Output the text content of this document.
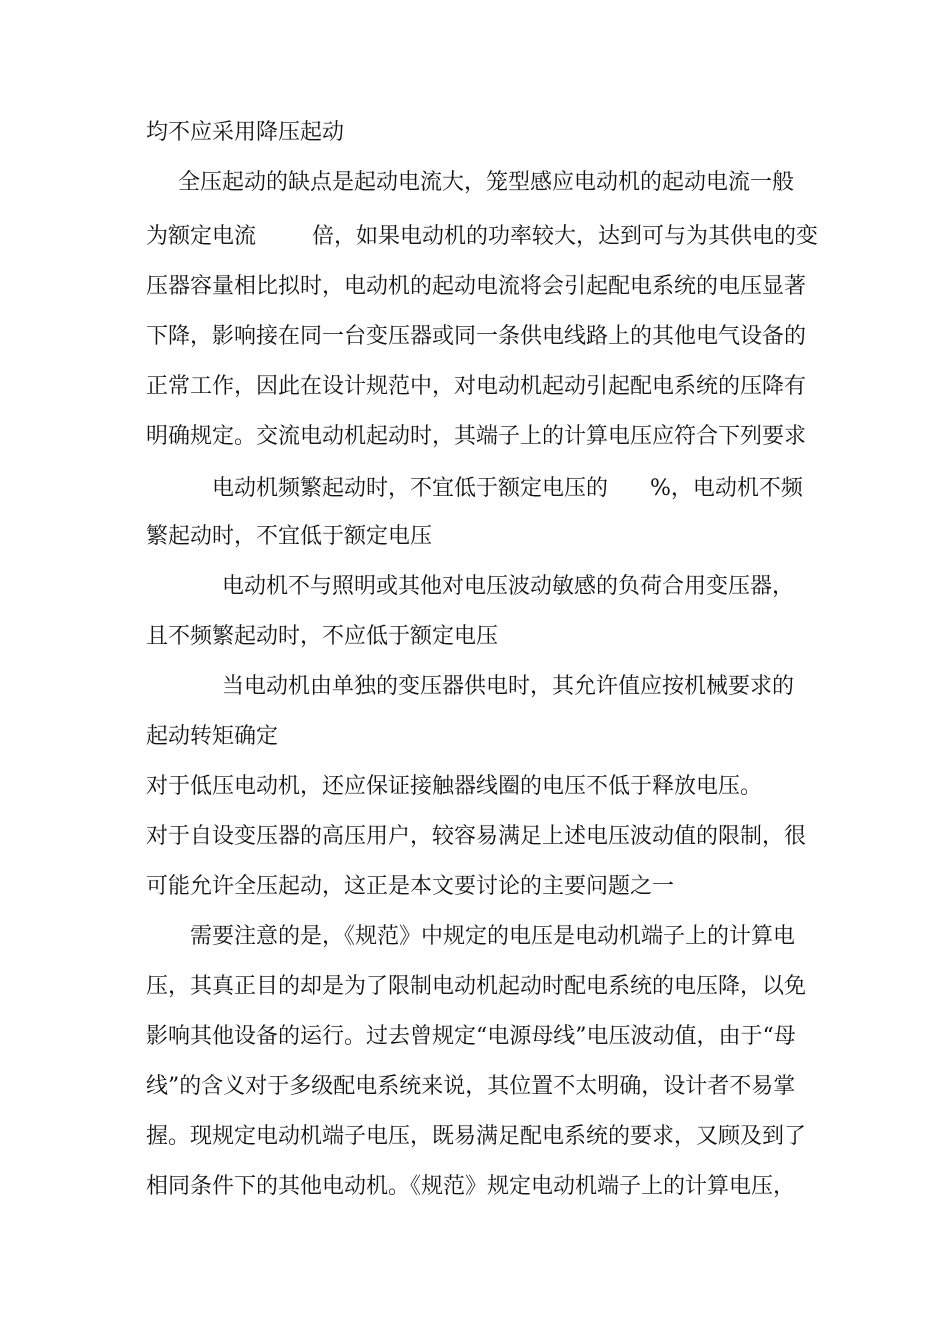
均不应采用降压起动
全压起动的缺点是起动电流大，笼型感应电动机的起动电流一般
为额定电流        倍，如果电动机的功率较大，达到可与为其供电的变
压器容量相比拟时，电动机的起动电流将会引起配电系统的电压显著
下降，影响接在同一台变压器或同一条供电线路上的其他电气设备的
正常工作，因此在设计规范中，对电动机起动引起配电系统的压降有
明确规定。交流电动机起动时，其端子上的计算电压应符合下列要求
电动机频繁起动时，不宜低于额定电压的      %，电动机不频
繁起动时，不宜低于额定电压
电动机不与照明或其他对电压波动敏感的负荷合用变压器，
且不频繁起动时，不应低于额定电压
当电动机由单独的变压器供电时，其允许值应按机械要求的
起动转矩确定
对于低压电动机，还应保证接触器线圈的电压不低于释放电压。
对于自设变压器的高压用户，较容易满足上述电压波动值的限制，很
可能允许全压起动，这正是本文要讨论的主要问题之一
需要注意的是，《规范》中规定的电压是电动机端子上的计算电
压，其真正目的却是为了限制电动机起动时配电系统的电压降，以免
影响其他设备的运行。过去曾规定“电源母线”电压波动值，由于“母
线”的含义对于多级配电系统来说，其位置不太明确，设计者不易掌
握。现规定电动机端子电压，既易满足配电系统的要求，又顾及到了
相同条件下的其他电动机。《规范》规定电动机端子上的计算电压，
